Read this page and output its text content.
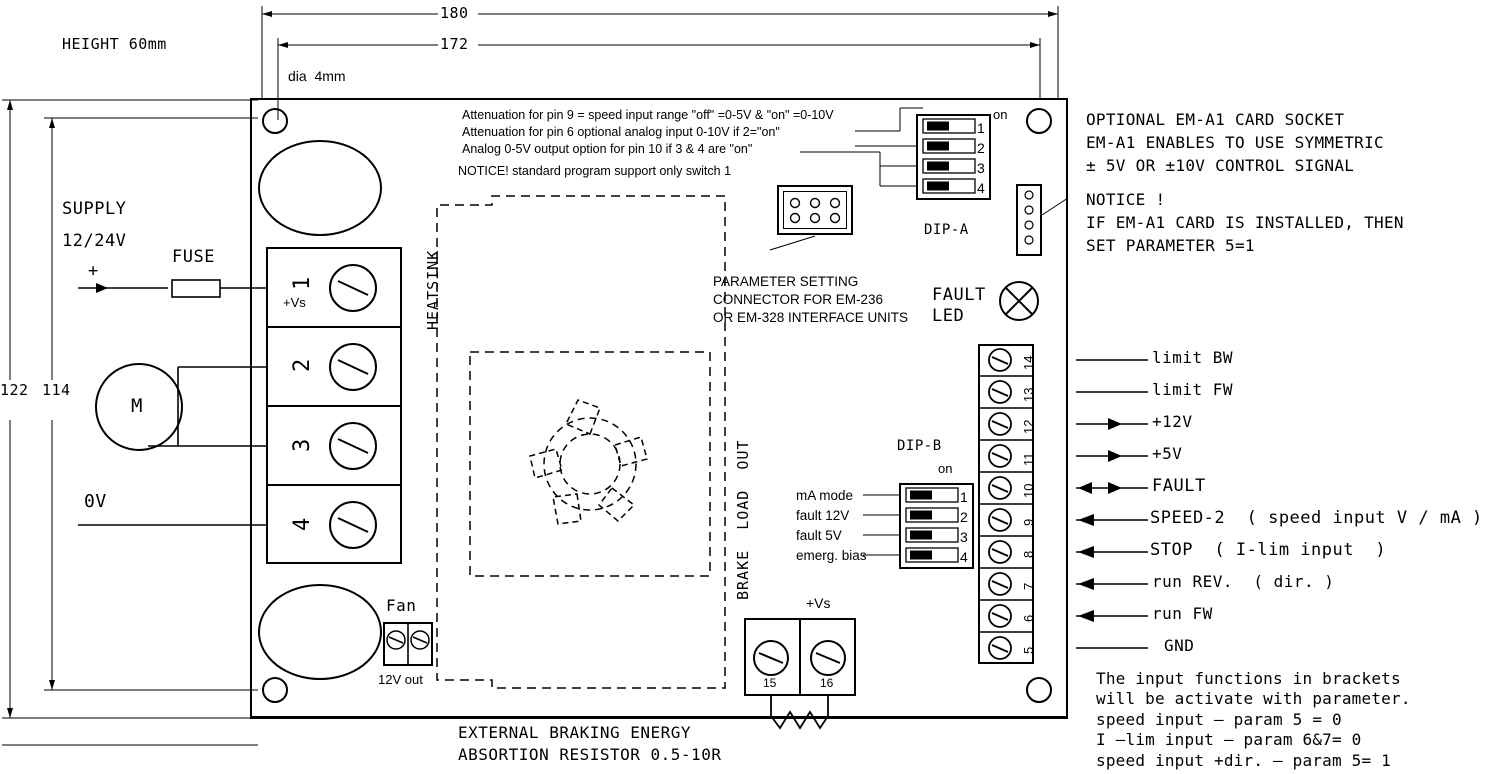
HEIGHT 60mm
180
172
dia  4mm
122 114
HEATSINK
Attenuation for pin 9 = speed input range "off" =0-5V & "on" =0-10V
Attenuation for pin 6 optional analog input 0-10V if 2="on"
Analog 0-5V output option for pin 10 if 3 & 4 are "on"
NOTICE! standard program support only switch 1
PARAMETER SETTING
CONNECTOR FOR EM-236
OR EM-328 INTERFACE UNITS
on
DIP-A
1
2
3
4
FAULT
LED
1
+Vs
2
3
4
SUPPLY
12/24V
+
FUSE
M
0V
Fan
12V out
BRAKE  LOAD  OUT
+Vs
15	16
EXTERNAL BRAKING ENERGY
ABSORTION RESISTOR 0.5-10R
DIP-B
on
1
2
3
4
mA mode
fault 12V
fault 5V
emerg. bias
14
13
12
11
10
9
8
7
6
5
limit BW
limit FW
+12V
+5V
FAULT
SPEED-2  ( speed input V / mA )
STOP  ( I-lim input  )
run REV.  ( dir. )
run FW
GND
OPTIONAL EM-A1 CARD SOCKET
EM-A1 ENABLES TO USE SYMMETRIC
± 5V OR ±10V CONTROL SIGNAL
NOTICE !
IF EM-A1 CARD IS INSTALLED, THEN
SET PARAMETER 5=1
The input functions in brackets
will be activate with parameter.
speed input – param 5 = 0
I –lim input – param 6&7= 0
speed input +dir. – param 5= 1
